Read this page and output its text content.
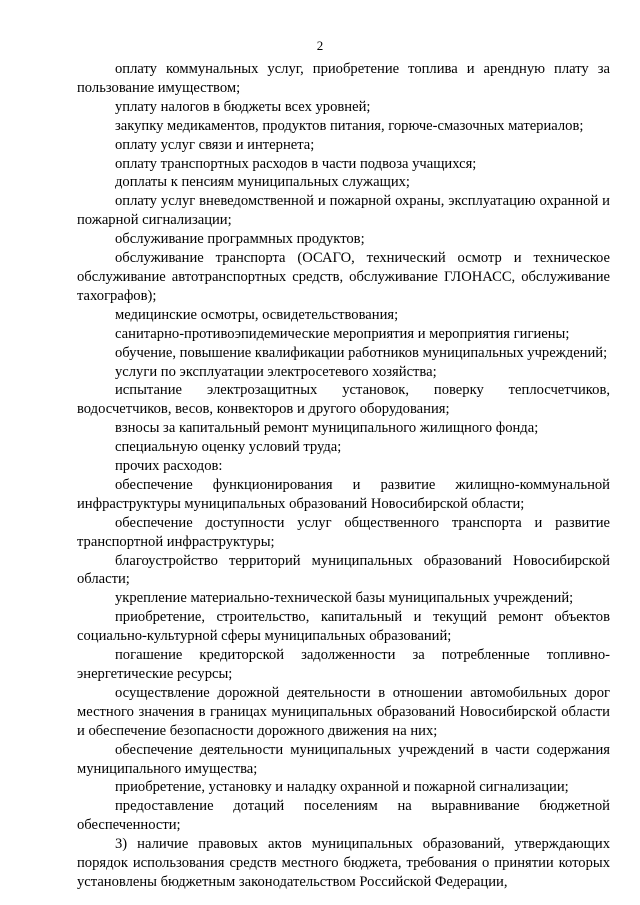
2

оплату коммунальных услуг, приобретение топлива и арендную плату за пользование имуществом;

уплату налогов в бюджеты всех уровней;

закупку медикаментов, продуктов питания, горюче-смазочных материалов;

оплату услуг связи и интернета;

оплату транспортных расходов в части подвоза учащихся;

доплаты к пенсиям муниципальных служащих;

оплату услуг вневедомственной и пожарной охраны, эксплуатацию охранной и пожарной сигнализации;

обслуживание программных продуктов;

обслуживание транспорта (ОСАГО, технический осмотр и техническое обслуживание автотранспортных средств, обслуживание ГЛОНАСС, обслуживание тахографов);

медицинские осмотры, освидетельствования;

санитарно-противоэпидемические мероприятия и мероприятия гигиены;

обучение, повышение квалификации работников муниципальных учреждений;

услуги по эксплуатации электросетевого хозяйства;

испытание электрозащитных установок, поверку теплосчетчиков, водосчетчиков, весов, конвекторов и другого оборудования;

взносы за капитальный ремонт муниципального жилищного фонда;

специальную оценку условий труда;

прочих расходов:

обеспечение функционирования и развитие жилищно-коммунальной инфраструктуры муниципальных образований Новосибирской области;

обеспечение доступности услуг общественного транспорта и развитие транспортной инфраструктуры;

благоустройство территорий муниципальных образований Новосибирской области;

укрепление материально-технической базы муниципальных учреждений;

приобретение, строительство, капитальный и текущий ремонт объектов социально-культурной сферы муниципальных образований;

погашение кредиторской задолженности за потребленные топливно-энергетические ресурсы;

осуществление дорожной деятельности в отношении автомобильных дорог местного значения в границах муниципальных образований Новосибирской области и обеспечение безопасности дорожного движения на них;

обеспечение деятельности муниципальных учреждений в части содержания муниципального имущества;

приобретение, установку и наладку охранной и пожарной сигнализации;

предоставление дотаций поселениям на выравнивание бюджетной обеспеченности;

3) наличие правовых актов муниципальных образований, утверждающих порядок использования средств местного бюджета, требования о принятии которых установлены бюджетным законодательством Российской Федерации,
